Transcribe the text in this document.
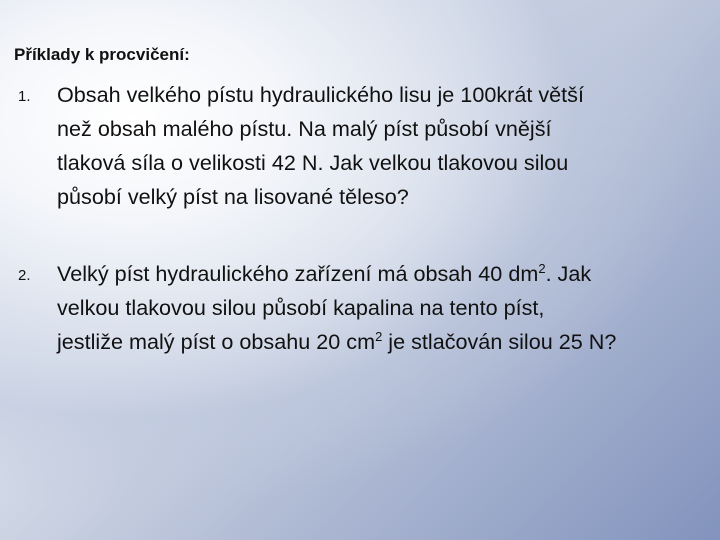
Příklady k procvičení:
1. Obsah velkého pístu hydraulického lisu je 100krát větší
než obsah malého pístu. Na malý píst působí vnější
tlaková síla o velikosti 42 N. Jak velkou tlakovou silou
působí velký píst na lisované těleso?

2. Velký píst hydraulického zařízení má obsah 40 $dm^2$. Jak
velkou tlakovou silou působí kapalina na tento píst,
jestliže malý píst o obsahu 20 $cm^2$ je stlačován silou 25 N?
